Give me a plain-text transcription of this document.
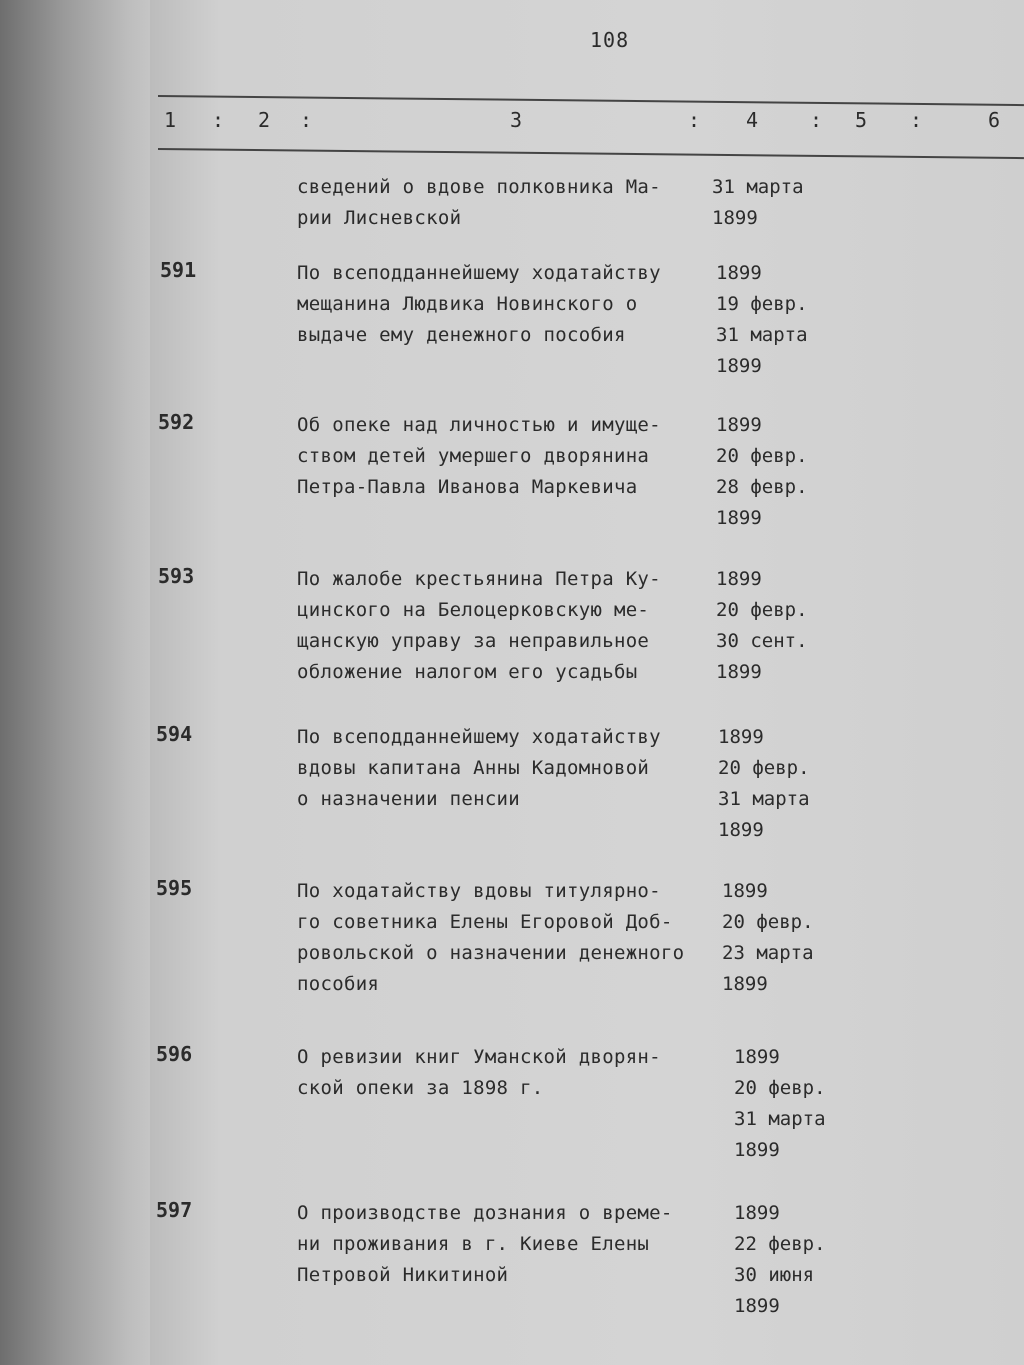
108
1 : 2 :	3	: 4	: 5 :	6
сведений о вдове полковника Ма-
рии Лисневской
31 марта
1899
591	По всеподданнейшему ходатайству
мещанина Людвика Новинского о
выдаче ему денежного пособия
1899
19 февр.
31 марта
1899
592	Об опеке над личностью и имуще-
ством детей умершего дворянина
Петра-Павла Иванова Маркевича
1899
20 февр.
28 февр.
1899
593	По жалобе крестьянина Петра Ку-
цинского на Белоцерковскую ме-
щанскую управу за неправильное
обложение налогом его усадьбы
1899
20 февр.
30 сент.
1899
594	По всеподданнейшему ходатайству
вдовы капитана Анны Кадомновой
о назначении пенсии
1899
20 февр.
31 марта
1899
595	По ходатайству вдовы титулярно-
го советника Елены Егоровой Доб-
ровольской о назначении денежного
пособия
1899
20 февр.
23 марта
1899
596	О ревизии книг Уманской дворян-
ской опеки за 1898 г.
1899
20 февр.
31 марта
1899
597	О производстве дознания о време-
ни проживания в г. Киеве Елены
Петровой Никитиной
1899
22 февр.
30 июня
1899
